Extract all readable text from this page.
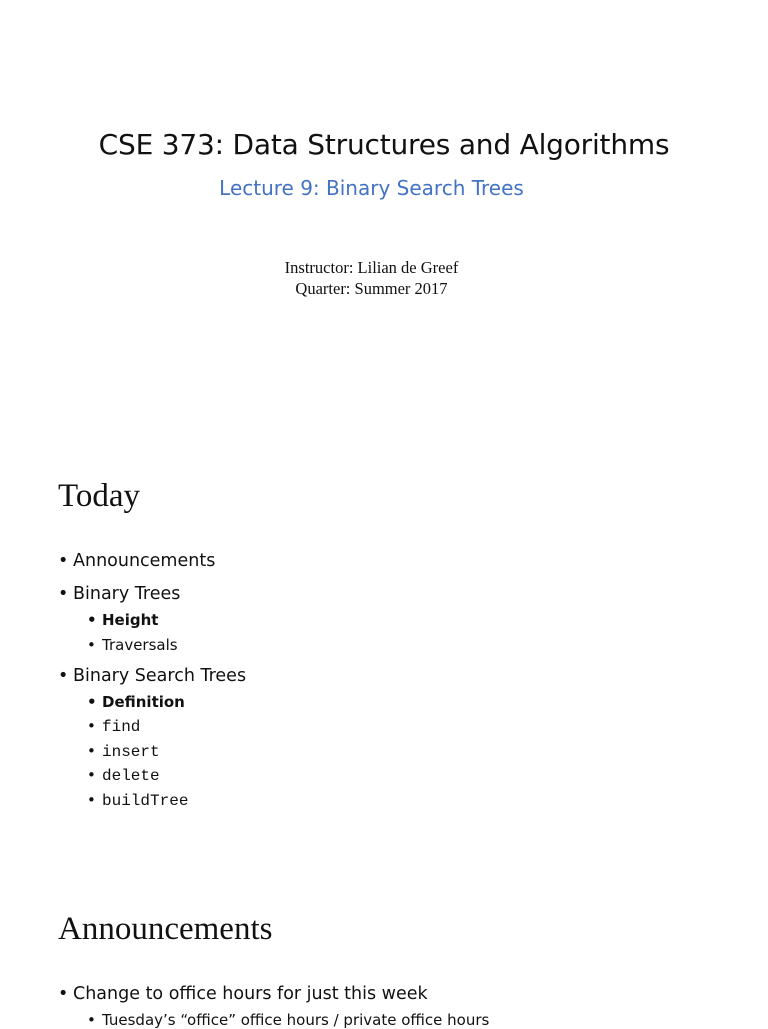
CSE 373: Data Structures and Algorithms
Lecture 9: Binary Search Trees
Instructor: Lilian de Greef
Quarter: Summer 2017
Today
• Announcements
• Binary Trees
• Height
• Traversals
• Binary Search Trees
• Definition
• find
• insert
• delete
• buildTree
Announcements
• Change to office hours for just this week
• Tuesday’s “office” office hours / private office hours
